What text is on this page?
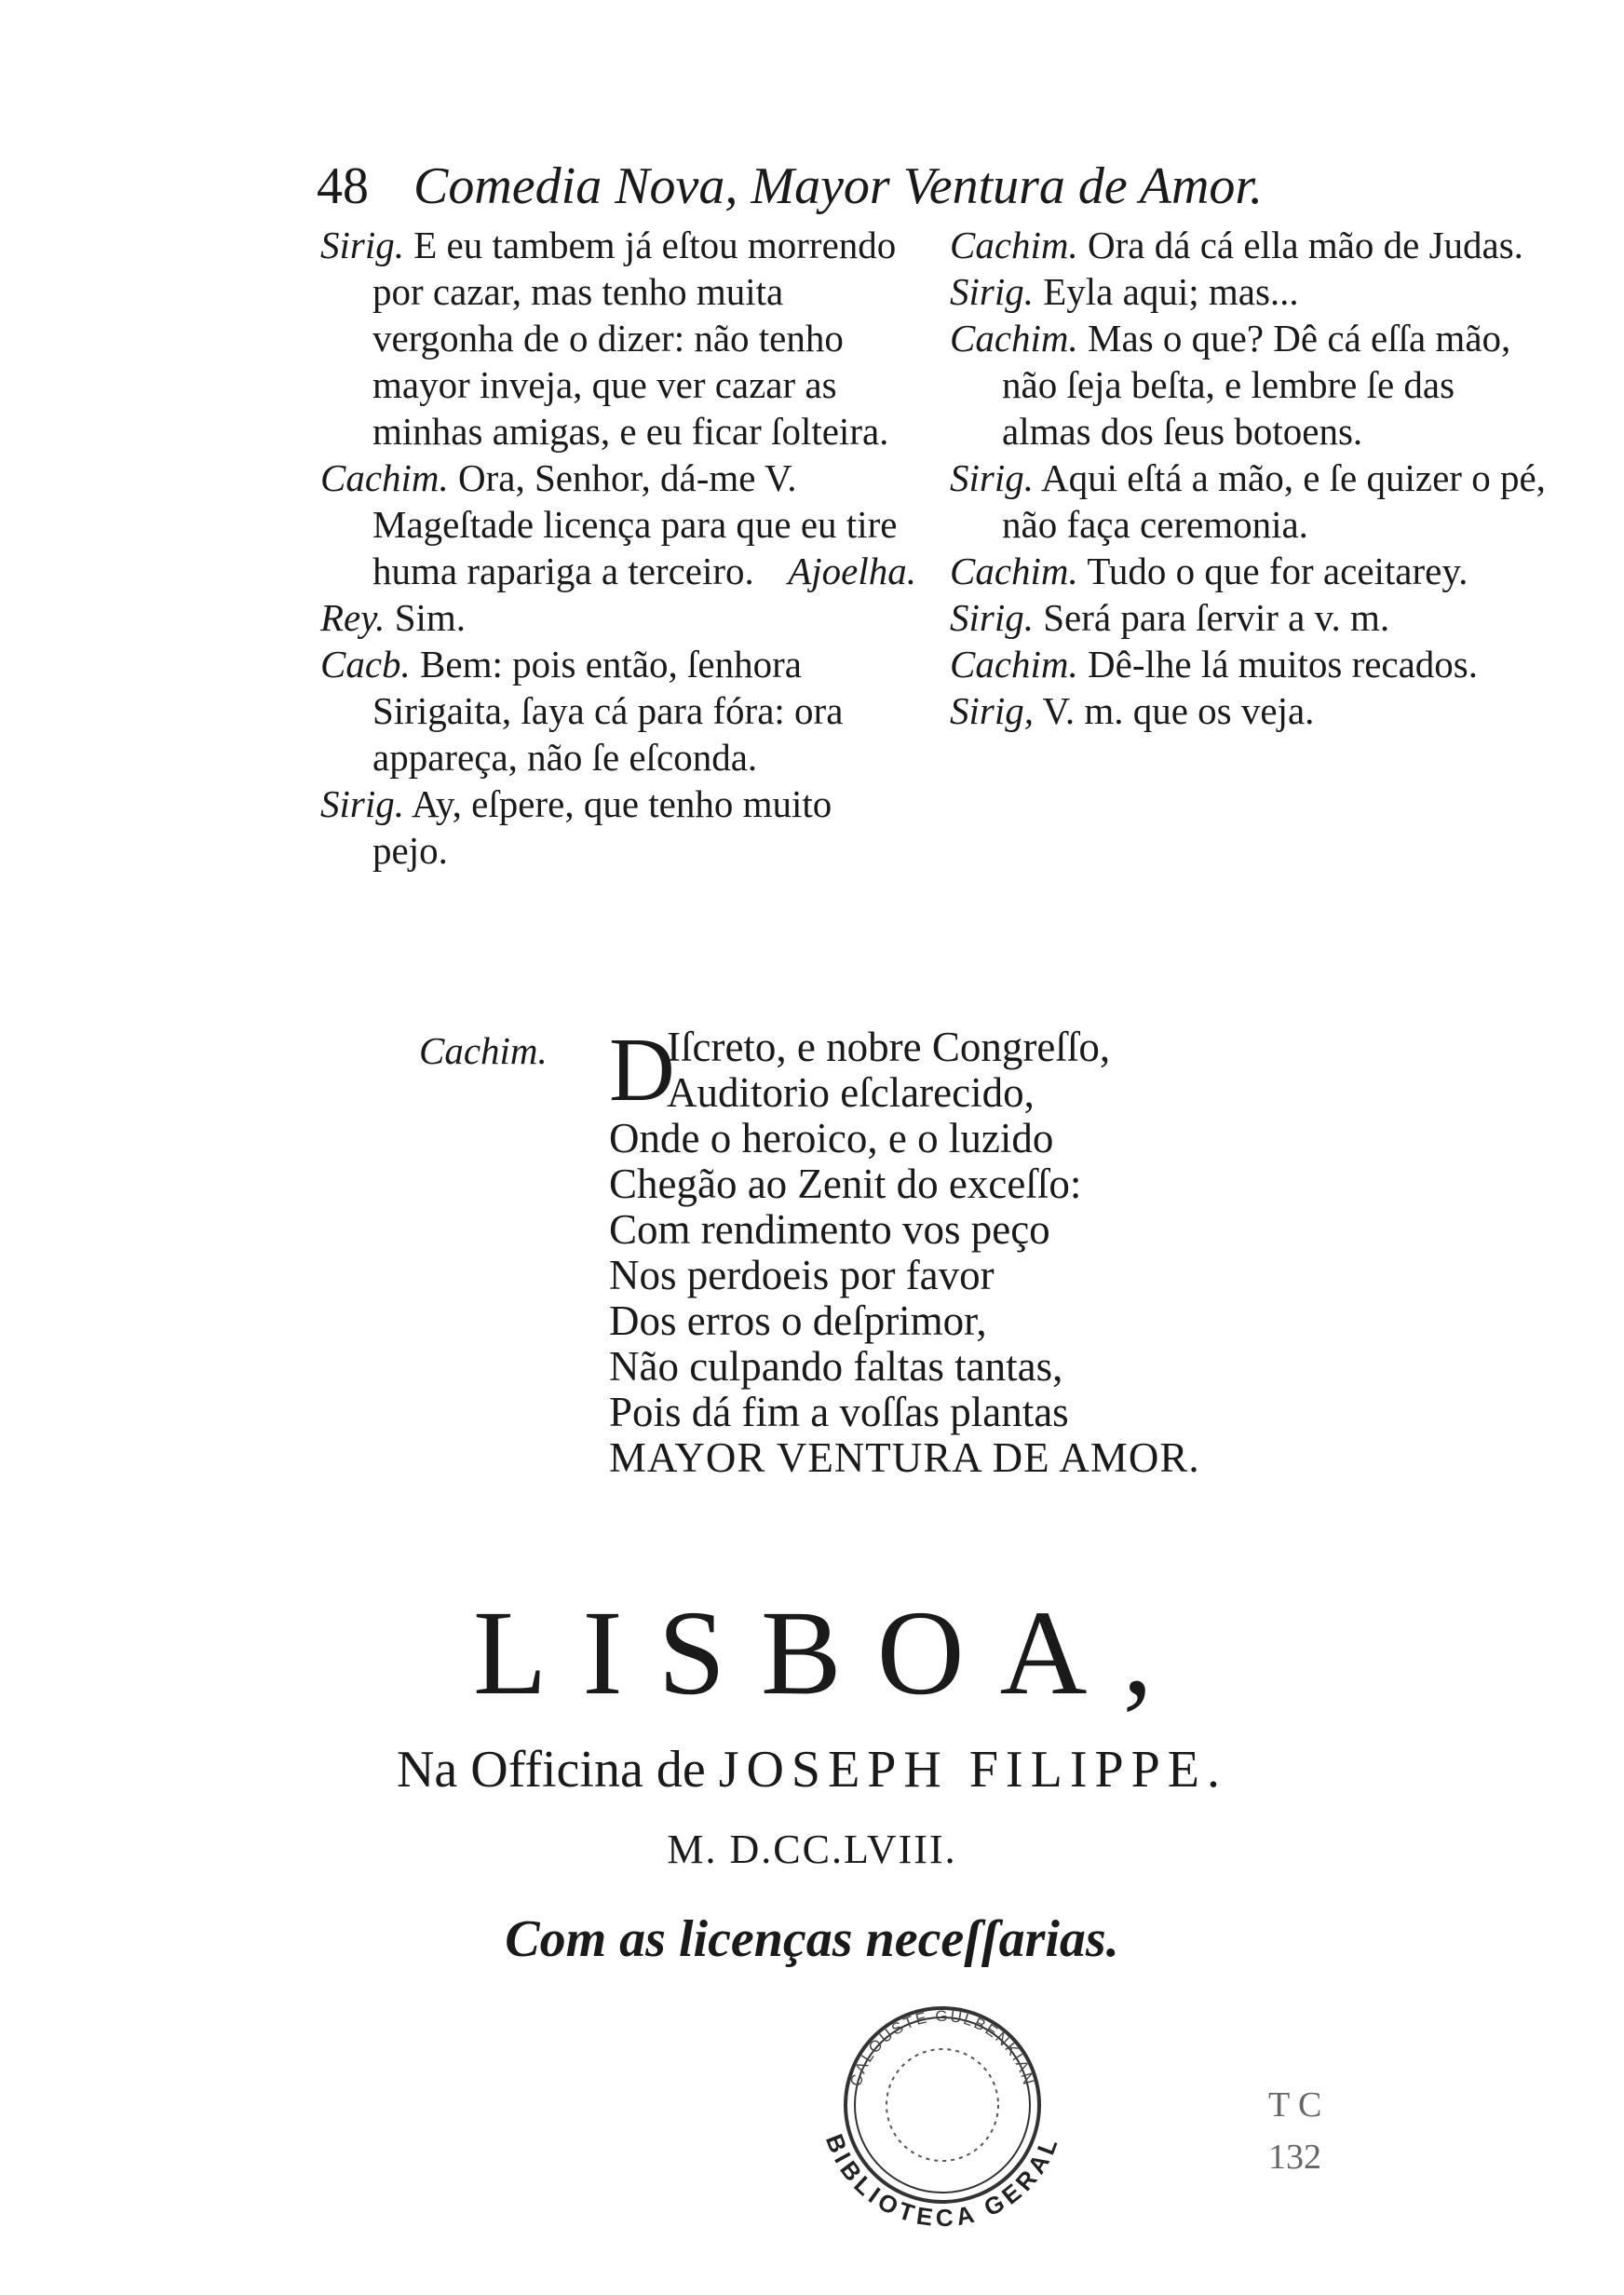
48 Comedia Nova, Mayor Ventura de Amor.

Sirig. E eu tambem já eſtou morrendo por cazar, mas tenho muita vergonha de o dizer: não tenho mayor inveja, que ver cazar as minhas amigas, e eu ficar ſolteira.

Cachim. Ora, Senhor, dá-me V. Mageſtade licença para que eu tire huma rapariga a terceiro. Ajoelha.

Rey. Sim.

Cacb. Bem: pois então, ſenhora Sirigaita, ſaya cá para fóra: ora appareça, não ſe eſconda.

Sirig. Ay, eſpere, que tenho muito pejo.

Cachim. Ora dá cá ella mão de Judas.

Sirig. Eyla aqui; mas...

Cachim. Mas o que? Dê cá eſſa mão, não ſeja beſta, e lembre ſe das almas dos ſeus botoens.

Sirig. Aqui eſtá a mão, e ſe quizer o pé, não faça ceremonia.

Cachim. Tudo o que for aceitarey.

Sirig. Será para ſervir a v. m.

Cachim. Dê-lhe lá muitos recados.

Sirig, V. m. que os veja.

Cachim. D
Iſcreto, e nobre Congreſſo,
Auditorio eſclarecido,
Onde o heroico, e o luzido
Chegão ao Zenit do exceſſo:
Com rendimento vos peço
Nos perdoeis por favor
Dos erros o deſprimor,
Não culpando faltas tantas,
Pois dá fim a voſſas plantas
MAYOR VENTURA DE AMOR.
LISBOA,
Na Officina de JOSEPH FILIPPE.
M. D.CC.LVIII.
Com as licenças neceſſarias.
CALOUSTE GULBENKIAN
BIBLIOTECA GERAL
T C
132
